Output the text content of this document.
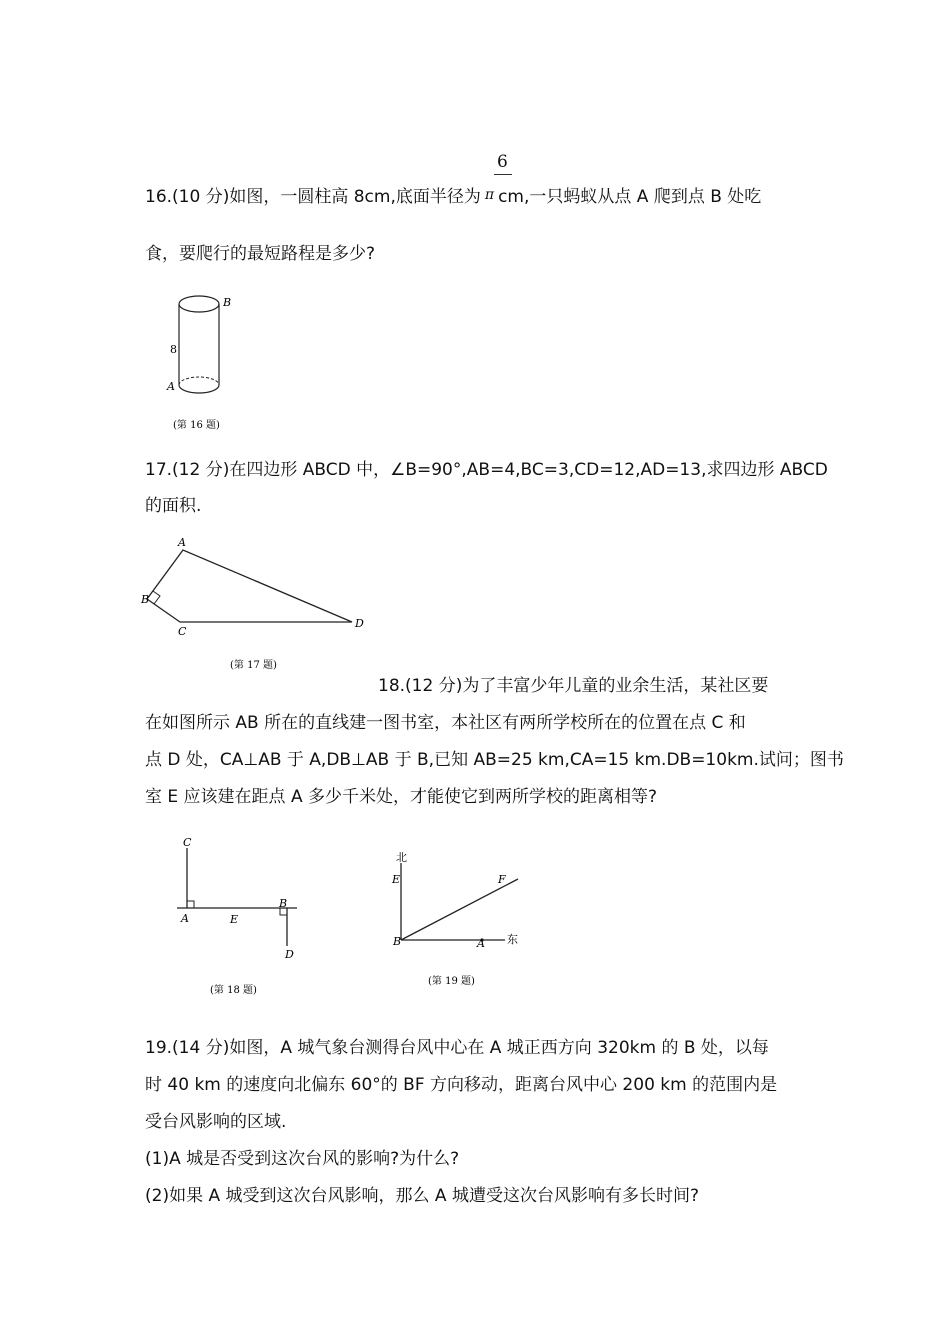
6
16.(10 分)如图，一圆柱高 8cm,底面半径为 π cm,一只蚂蚁从点 A 爬到点 B 处吃
食，要爬行的最短路程是多少?
B
A
8
(第 16 题)
17.(12 分)在四边形 ABCD 中，∠B=90°,AB=4,BC=3,CD=12,AD=13,求四边形 ABCD
的面积.
A
B
C
D
(第 17 题)
18.(12 分)为了丰富少年儿童的业余生活，某社区要
在如图所示 AB 所在的直线建一图书室，本社区有两所学校所在的位置在点 C 和
点 D 处，CA⊥AB 于 A,DB⊥AB 于 B,已知 AB=25 km,CA=15 km.DB=10km.试问；图书
室 E 应该建在距点 A 多少千米处，才能使它到两所学校的距离相等?
C
A	E
B
D
(第 18 题)
北
东
E	F
B	A
(第 19 题)
19.(14 分)如图，A 城气象台测得台风中心在 A 城正西方向 320km 的 B 处，以每
时 40 km 的速度向北偏东 60°的 BF 方向移动，距离台风中心 200 km 的范围内是
受台风影响的区域.
(1)A 城是否受到这次台风的影响?为什么?
(2)如果 A 城受到这次台风影响，那么 A 城遭受这次台风影响有多长时间?
